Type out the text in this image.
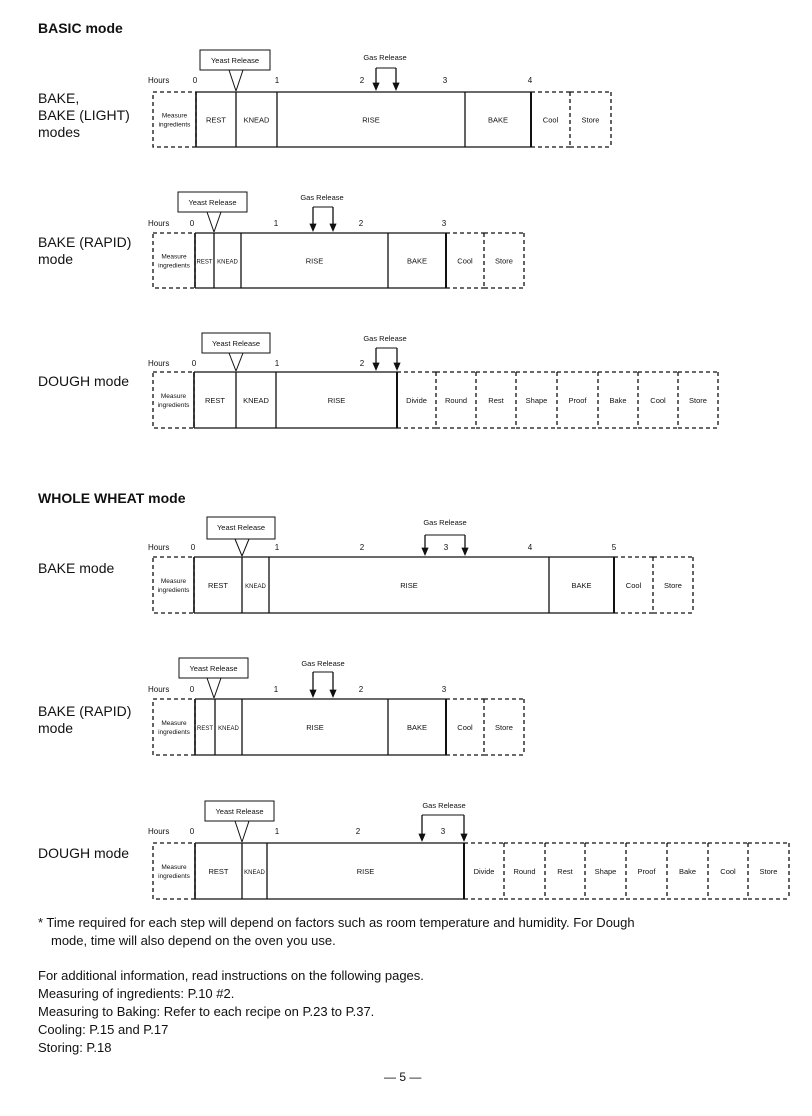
BASIC mode
WHOLE WHEAT mode
BAKE,
BAKE (LIGHT)
modes
BAKE (RAPID)
mode
DOUGH mode
BAKE mode
BAKE (RAPID)
mode
DOUGH mode
Hours	0	1	2	3	4
Measure
ingredients
REST KNEAD	RISE	BAKE	Cool	Store
Yeast Release	Gas Release
Hours	0	1	2	3
Measure
ingredients REST KNEAD	RISE	BAKE	Cool	Store
Yeast Release
Gas Release
Hours	0	1	2
Measure
ingredients
REST KNEAD	RISE	Divide Round	Rest	Shape	Proof	Bake	Cool	Store
Yeast Release
Gas Release
Hours	0	1	2	3	4	5
Measure
ingredients
REST	KNEAD	RISE	BAKE	Cool	Store
Yeast Release
Gas Release
Hours	0	1	2	3
Measure
ingredients REST KNEAD	RISE	BAKE	Cool	Store
Yeast Release
Gas Release
Hours	0	1	2	3
Measure
ingredients
REST	KNEAD	RISE	Divide	Round	Rest	Shape	Proof	Bake	Cool	Store
Yeast Release
Gas Release
* Time required for each step will depend on factors such as room temperature and humidity. For Dough
mode, time will also depend on the oven you use.
For additional information, read instructions on the following pages.
Measuring of ingredients: P.10 #2.
Measuring to Baking: Refer to each recipe on P.23 to P.37.
Cooling: P.15 and P.17
Storing: P.18
— 5 —
